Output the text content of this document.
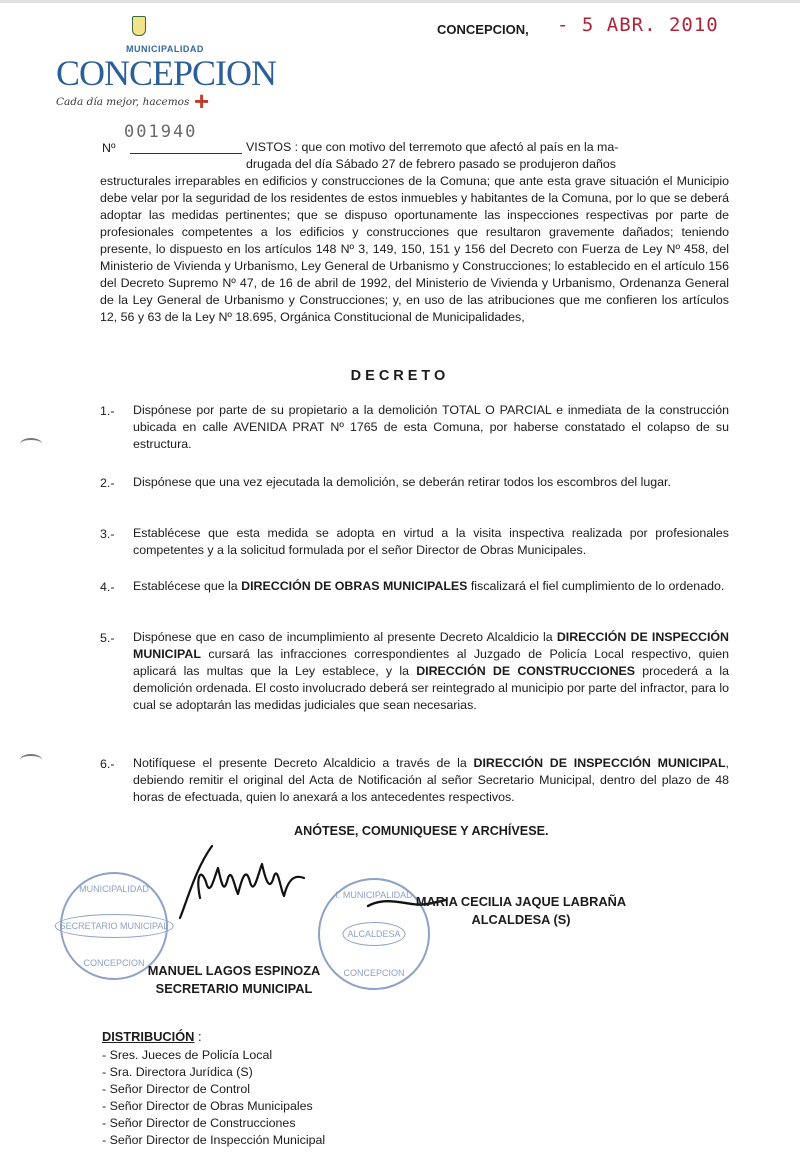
MUNICIPALIDAD
CONCEPCION
+
Cada día mejor, hacemos
CONCEPCION, - 5 ABR. 2010
001940
Nº	VISTOS : que con motivo del terremoto que afectó al país en la ma-
drugada del día Sábado 27 de febrero pasado se produjeron daños
estructurales irreparables en edificios y construcciones de la Comuna; que ante esta grave situación el Municipio debe velar por la seguridad de los residentes de estos inmuebles y habitantes de la Comuna, por lo que se deberá adoptar las medidas pertinentes; que se dispuso oportunamente las inspecciones respectivas por parte de profesionales competentes a los edificios y construcciones que resultaron gravemente dañados; teniendo presente, lo dispuesto en los artículos 148 Nº 3, 149, 150, 151 y 156 del Decreto con Fuerza de Ley Nº 458, del Ministerio de Vivienda y Urbanismo, Ley General de Urbanismo y Construcciones; lo establecido en el artículo 156 del Decreto Supremo Nº 47, de 16 de abril de 1992, del Ministerio de Vivienda y Urbanismo, Ordenanza General de la Ley General de Urbanismo y Construcciones; y, en uso de las atribuciones que me confieren los artículos 12, 56 y 63 de la Ley Nº 18.695, Orgánica Constitucional de Municipalidades,
DECRETO
1.- Dispónese por parte de su propietario a la demolición TOTAL O PARCIAL e inmediata de la construcción ubicada en calle AVENIDA PRAT Nº 1765 de esta Comuna, por haberse constatado el colapso de su estructura.
2.- Dispónese que una vez ejecutada la demolición, se deberán retirar todos los escombros del lugar.
3.- Establécese que esta medida se adopta en virtud a la visita inspectiva realizada por profesionales competentes y a la solicitud formulada por el señor Director de Obras Municipales.
4.- Establécese que la DIRECCIÓN DE OBRAS MUNICIPALES fiscalizará el fiel cumplimiento de lo ordenado.
5.- Dispónese que en caso de incumplimiento al presente Decreto Alcaldicio la DIRECCIÓN DE INSPECCIÓN MUNICIPAL cursará las infracciones correspondientes al Juzgado de Policía Local respectivo, quien aplicará las multas que la Ley establece, y la DIRECCIÓN DE CONSTRUCCIONES procederá a la demolición ordenada. El costo involucrado deberá ser reintegrado al municipio por parte del infractor, para lo cual se adoptarán las medidas judiciales que sean necesarias.
6.- Notifíquese el presente Decreto Alcaldicio a través de la DIRECCIÓN DE INSPECCIÓN MUNICIPAL, debiendo remitir el original del Acta de Notificación al señor Secretario Municipal, dentro del plazo de 48 horas de efectuada, quien lo anexará a los antecedentes respectivos.
ANÓTESE, COMUNIQUESE Y ARCHÍVESE.
MUNICIPALIDAD
SECRETARIO MUNICIPAL
CONCEPCION
I. MUNICIPALIDAD
ALCALDESA
CONCEPCION
MARIA CECILIA JAQUE LABRAÑA
ALCALDESA (S)
MANUEL LAGOS ESPINOZA
SECRETARIO MUNICIPAL
DISTRIBUCIÓN :
- Sres. Jueces de Policía Local
- Sra. Directora Jurídica (S)
- Señor Director de Control
- Señor Director de Obras Municipales
- Señor Director de Construcciones
- Señor Director de Inspección Municipal
